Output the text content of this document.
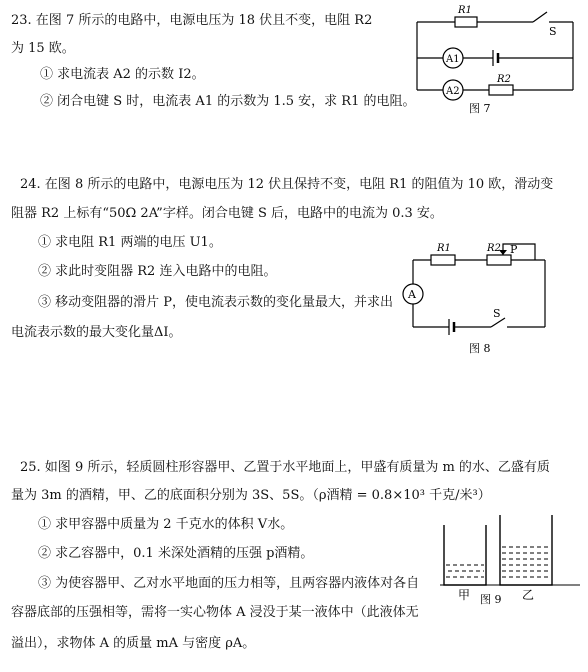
23. 在图 7 所示的电路中，电源电压为 18 伏且不变，电阻 R2
为 15 欧。
① 求电流表 A2 的示数 I2。
② 闭合电键 S 时，电流表 A1 的示数为 1.5 安，求 R1 的电阻。
R1
S
A1
A2
R2
图 7
24. 在图 8 所示的电路中，电源电压为 12 伏且保持不变，电阻 R1 的阻值为 10 欧，滑动变
阻器 R2 上标有“50Ω 2A”字样。闭合电键 S 后，电路中的电流为 0.3 安。
① 求电阻 R1 两端的电压 U1。
② 求此时变阻器 R2 连入电路中的电阻。
③ 移动变阻器的滑片 P，使电流表示数的变化量最大，并求出
电流表示数的最大变化量ΔI。
R1	R2 P
A
S
图 8
25. 如图 9 所示，轻质圆柱形容器甲、乙置于水平地面上，甲盛有质量为 m 的水、乙盛有质
量为 3m 的酒精，甲、乙的底面积分别为 3S、5S。（ρ酒精 = 0.8×10³ 千克/米³）
① 求甲容器中质量为 2 千克水的体积 V水。
② 求乙容器中，0.1 米深处酒精的压强 p酒精。
③ 为使容器甲、乙对水平地面的压力相等，且两容器内液体对各自
容器底部的压强相等，需将一实心物体 A 浸没于某一液体中（此液体无
溢出），求物体 A 的质量 mA 与密度 ρA。
甲 图 9 乙
